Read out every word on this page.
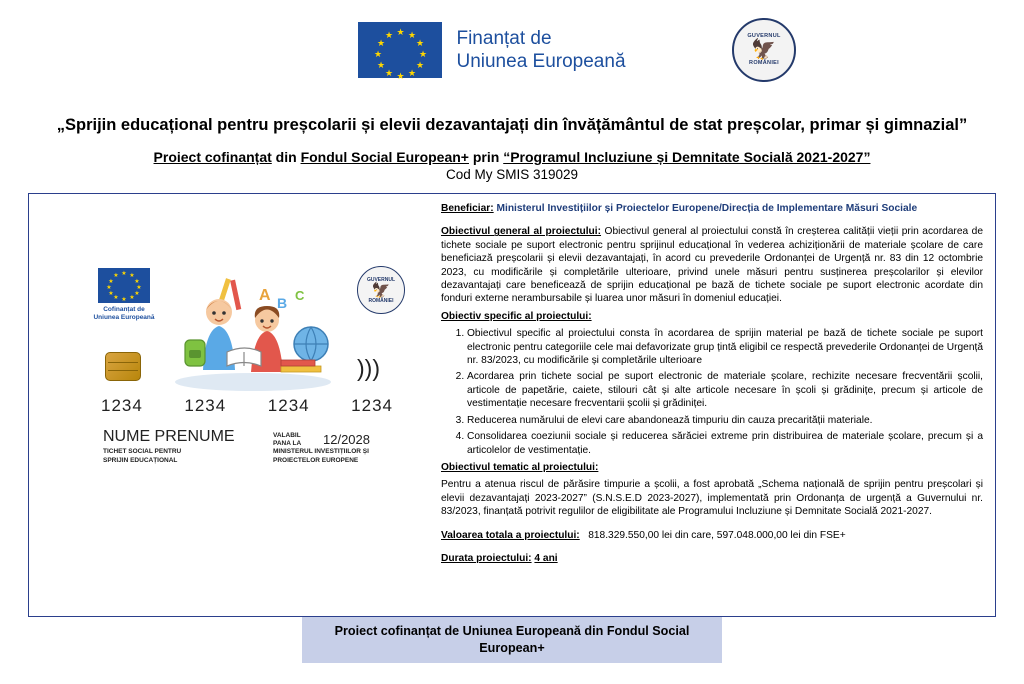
★ ★
★
★
★
★
★
★
★
★
★
★	Finanțat de
Uniunea Europeană
GUVERNUL
🦅
ROMÂNIEI
„Sprijin educațional pentru preșcolarii și elevii dezavantajați din învățământul de stat preșcolar, primar și gimnazial”
Proiect cofinanțat din Fondul Social European+ prin “Programul Incluziune și Demnitate Socială 2021-2027”
Cod My SMIS 319029
★ ★
★
★
★
★
★
★
★
★
★
★
Cofinanțat de
Uniunea Europeană
GUVERNUL
🦅
ROMÂNIEI
A B C
)))
1234 1234 1234 1234
NUME PRENUME
TICHET SOCIAL PENTRU
SPRIJIN EDUCAȚIONAL
VALABIL
PANA LA 12/2028
MINISTERUL INVESTIȚIILOR ȘI
PROIECTELOR EUROPENE

Beneficiar: Ministerul Investițiilor și Proiectelor Europene/Direcția de Implementare Măsuri Sociale

Obiectivul general al proiectului: Obiectivul general al proiectului constă în creșterea calității vieții prin acordarea de tichete sociale pe suport electronic pentru sprijinul educațional în vederea achiziționării de materiale școlare de care beneficiază preșcolarii și elevii dezavantajați, în acord cu prevederile Ordonanței de Urgență nr. 83 din 12 octombrie 2023, cu modificările și completările ulterioare, privind unele măsuri pentru susținerea preșcolarilor și elevilor dezavantajați care beneficează de sprijin educațional pe bază de tichete sociale pe suport electronic acordate din fonduri externe nerambursabile și luarea unor măsuri în domeniul educației.

Obiectiv specific al proiectului:

1. Obiectivul specific al proiectului consta în acordarea de sprijin material pe bază de tichete sociale pe suport electronic pentru categoriile cele mai defavorizate grup țintă eligibil ce respectă prevederile Ordonanței de Urgență nr. 83/2023, cu modificările și completările ulterioare
2. Acordarea prin tichete social pe suport electronic de materiale școlare, rechizite necesare frecventării școlii, articole de papetărie, caiete, stilouri cât și alte articole necesare în școli și grădinițe, precum și articole de vestimentație necesare frecventarii școlii și grădiniței.
3. Reducerea numărului de elevi care abandonează timpuriu din cauza precarității materiale.
4. Consolidarea coeziunii sociale și reducerea sărăciei extreme prin distribuirea de materiale școlare, precum și a articolelor de vestimentație.

Obiectivul tematic al proiectului:

Pentru a atenua riscul de părăsire timpurie a școlii, a fost aprobată „Schema națională de sprijin pentru preșcolari și elevii dezavantajați 2023-2027” (S.N.S.E.D 2023-2027), implementată prin Ordonanța de urgență a Guvernului nr. 83/2023, finanțată potrivit regulilor de eligibilitate ale Programului Incluziune și Demnitate Socială 2021-2027.

Valoarea totala a proiectului: 818.329.550,00 lei din care, 597.048.000,00 lei din FSE+

Durata proiectului: 4 ani

Proiect cofinanțat de Uniunea Europeană din Fondul Social European+
